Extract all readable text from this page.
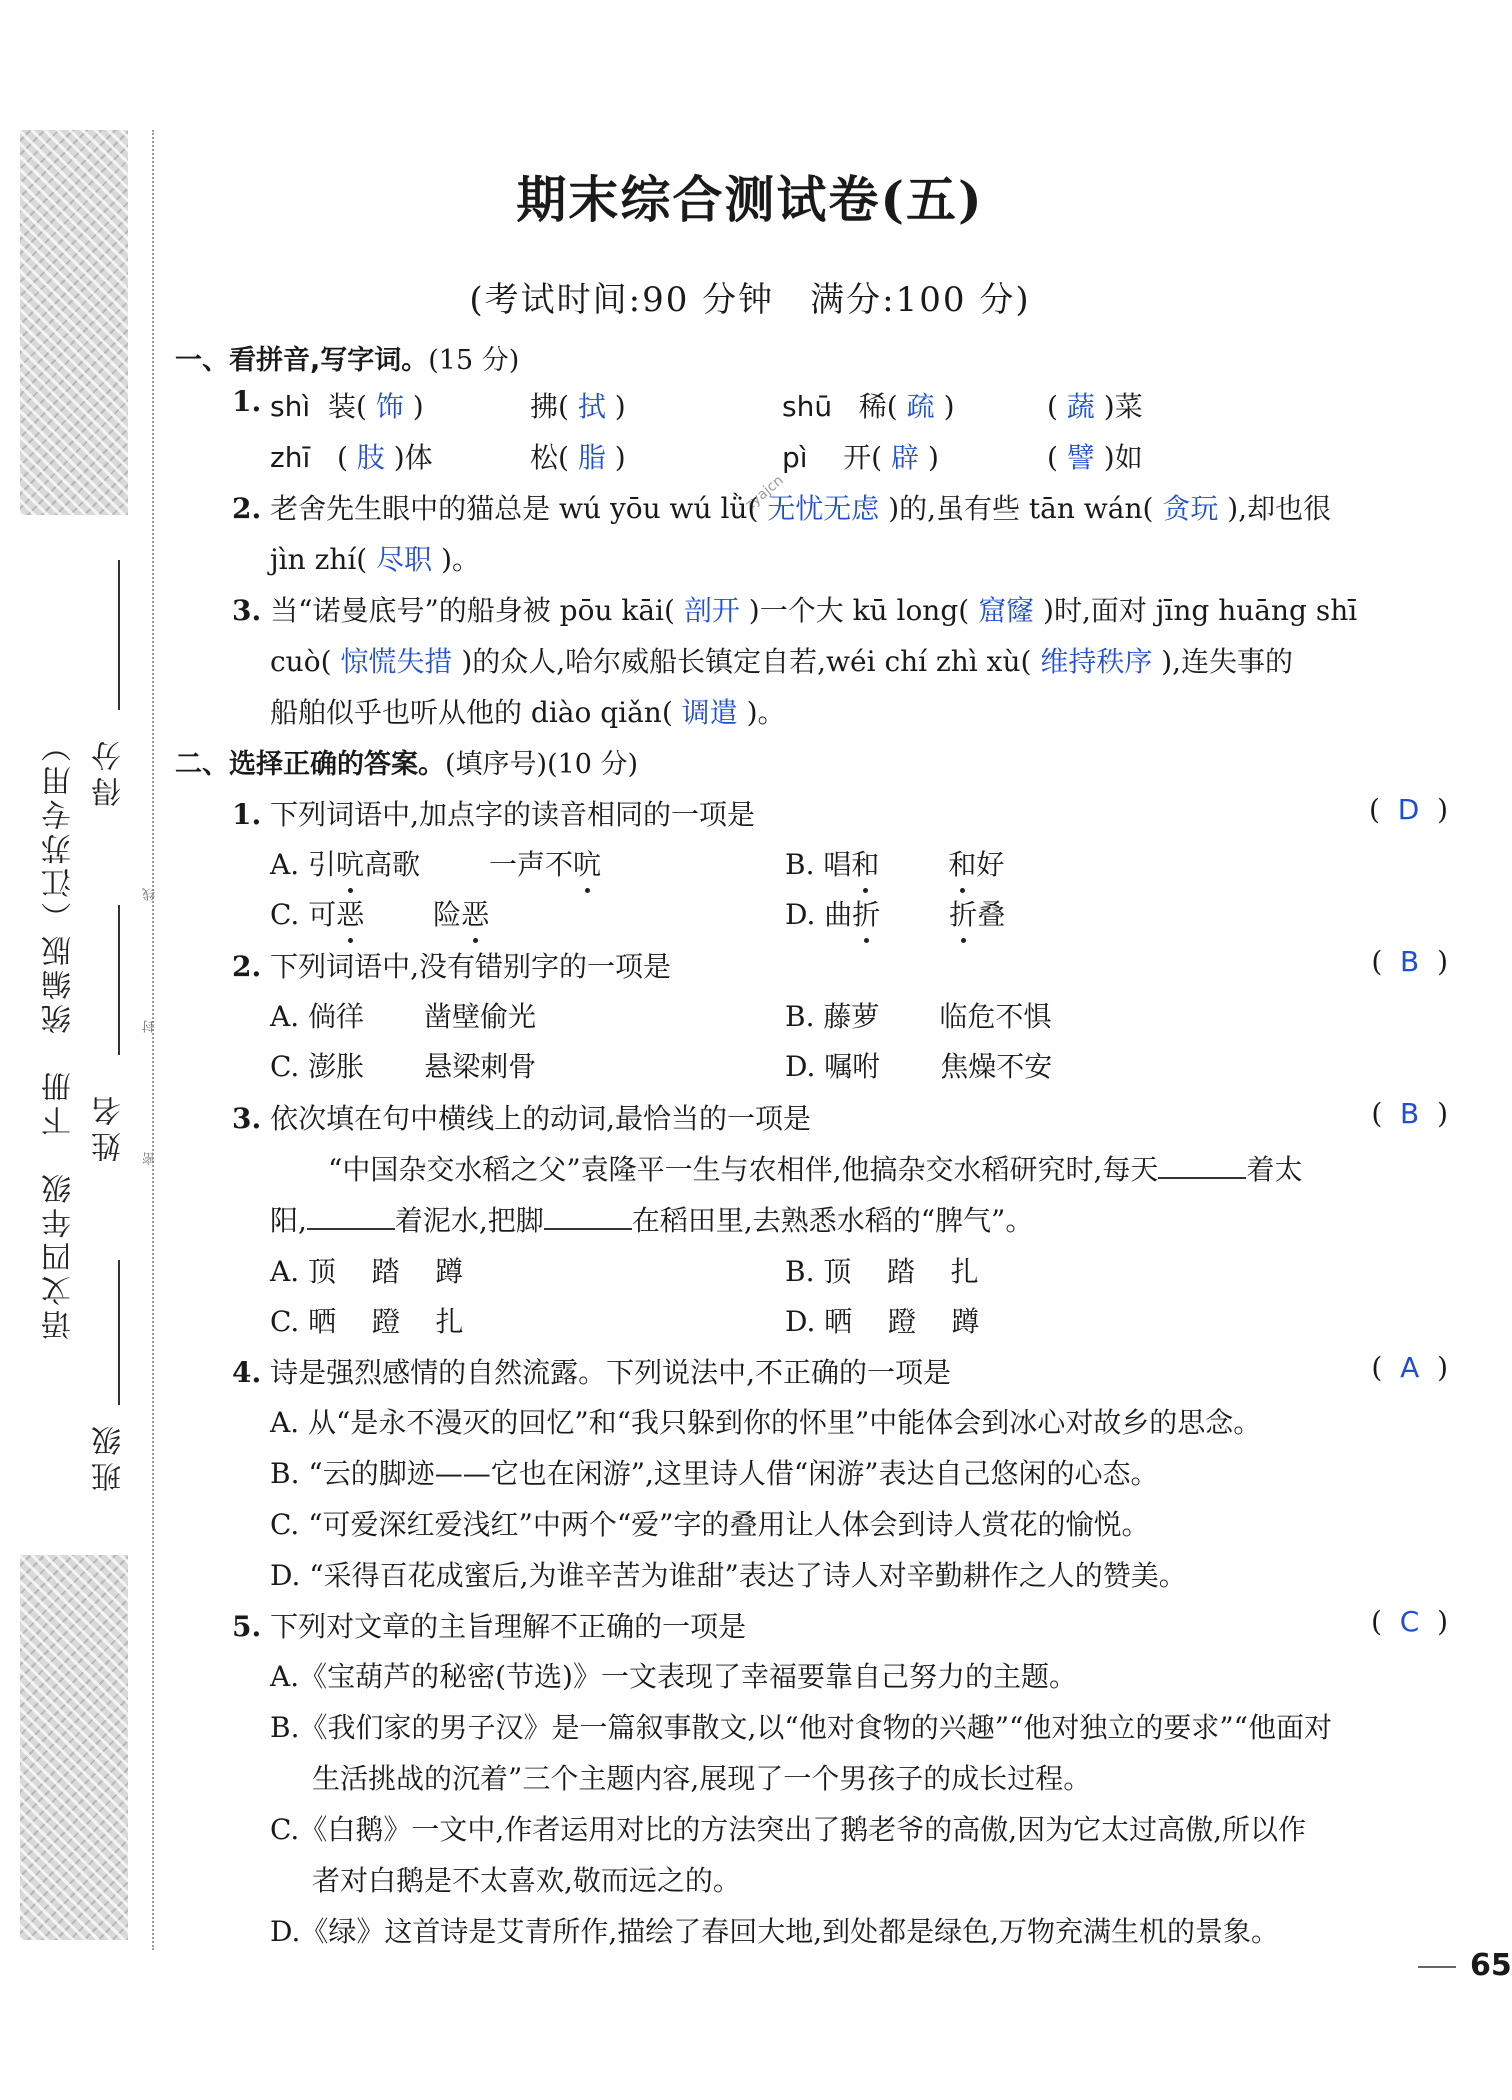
语文四年级　下册　统编版（江苏专用） 得分
姓名
班级
线
封
密
zyajcn
期末综合测试卷(五)
(考试时间:90 分钟　满分:100 分)
一、看拼音,写字词。(15 分)
1. shì 装( 饰 )	拂( 拭 )	shū 稀( 疏 )	( 蔬 )菜
zhī ( 肢 )体	松( 脂 )	pì 开( 辟 )	( 譬 )如
2. 老舍先生眼中的猫总是 wú yōu wú lǜ( 无忧无虑 )的,虽有些 tān wán( 贪玩 ),却也很
jìn zhí( 尽职 )。
3. 当“诺曼底号”的船身被 pōu kāi( 剖开 )一个大 kū long( 窟窿 )时,面对 jīng huāng shī
cuò( 惊慌失措 )的众人,哈尔威船长镇定自若,wéi chí zhì xù( 维持秩序 ),连失事的
船舶似乎也听从他的 diào qiǎn( 调遣 )。
二、选择正确的答案。(填序号)(10 分)
1. 下列词语中,加点字的读音相同的一项是	(  D  )
A. 引吭高歌 一声不吭	B. 唱和 和好
C. 可恶 险恶	D. 曲折 折叠
2. 下列词语中,没有错别字的一项是	(  B  )
A. 倘徉 凿壁偷光	B. 藤萝 临危不惧
C. 澎胀 悬梁刺骨	D. 嘱咐 焦燥不安
3. 依次填在句中横线上的动词,最恰当的一项是	(  B  )
“中国杂交水稻之父”袁隆平一生与农相伴,他搞杂交水稻研究时,每天	着太
阳,	着泥水,把脚	在稻田里,去熟悉水稻的“脾气”。
A. 顶 踏 蹲	B. 顶 踏 扎
C. 晒 蹬 扎	D. 晒 蹬 蹲
4. 诗是强烈感情的自然流露。下列说法中,不正确的一项是	(  A  )
A. 从“是永不漫灭的回忆”和“我只躲到你的怀里”中能体会到冰心对故乡的思念。
B. “云的脚迹——它也在闲游”,这里诗人借“闲游”表达自己悠闲的心态。
C. “可爱深红爱浅红”中两个“爱”字的叠用让人体会到诗人赏花的愉悦。
D. “采得百花成蜜后,为谁辛苦为谁甜”表达了诗人对辛勤耕作之人的赞美。
5. 下列对文章的主旨理解不正确的一项是	(  C  )
A.《宝葫芦的秘密(节选)》一文表现了幸福要靠自己努力的主题。
B.《我们家的男子汉》是一篇叙事散文,以“他对食物的兴趣”“他对独立的要求”“他面对
生活挑战的沉着”三个主题内容,展现了一个男孩子的成长过程。
C.《白鹅》一文中,作者运用对比的方法突出了鹅老爷的高傲,因为它太过高傲,所以作
者对白鹅是不太喜欢,敬而远之的。
D.《绿》这首诗是艾青所作,描绘了春回大地,到处都是绿色,万物充满生机的景象。
65
